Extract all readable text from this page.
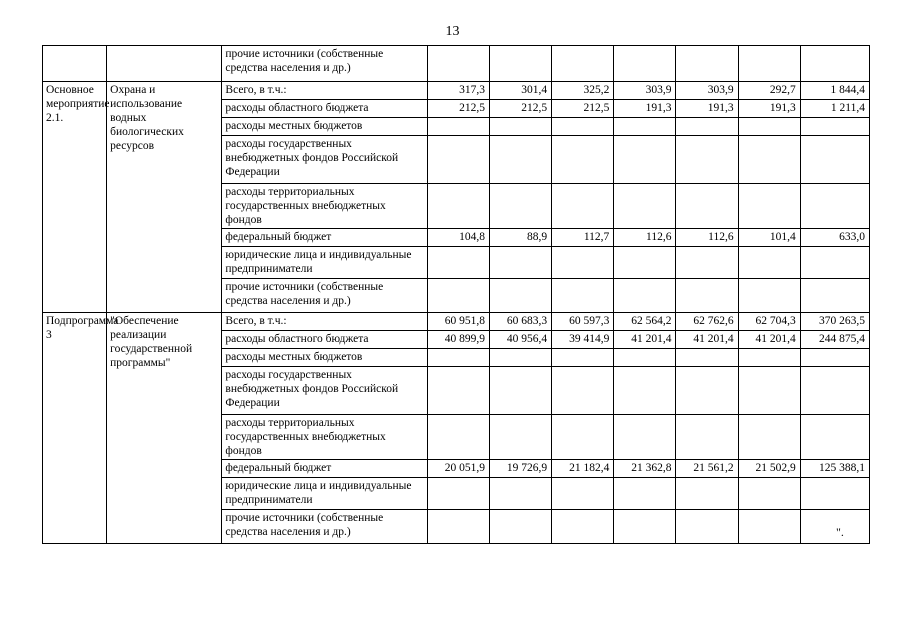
13
		прочие источники (собственные средства населения и др.)							
Основное мероприятие 2.1.	Охрана и использование водных биологических ресурсов	Всего, в т.ч.:	317,3	301,4	325,2	303,9	303,9	292,7	1 844,4
		расходы областного бюджета	212,5	212,5	212,5	191,3	191,3	191,3	1 211,4
		расходы местных бюджетов							
		расходы государственных внебюджетных фондов Российской Федерации							
		расходы территориальных государственных внебюджетных фондов							
		федеральный бюджет	104,8	88,9	112,7	112,6	112,6	101,4	633,0
		юридические лица и индивидуальные предприниматели							
		прочие источники (собственные средства населения и др.)							
Подпрограмма 3	"Обеспечение реализации государственной программы"	Всего, в т.ч.:	60 951,8	60 683,3	60 597,3	62 564,2	62 762,6	62 704,3	370 263,5
		расходы областного бюджета	40 899,9	40 956,4	39 414,9	41 201,4	41 201,4	41 201,4	244 875,4
		расходы местных бюджетов							
		расходы государственных внебюджетных фондов Российской Федерации							
		расходы территориальных государственных внебюджетных фондов							
		федеральный бюджет	20 051,9	19 726,9	21 182,4	21 362,8	21 561,2	21 502,9	125 388,1
		юридические лица и индивидуальные предприниматели							
		прочие источники (собственные средства населения и др.)								".
